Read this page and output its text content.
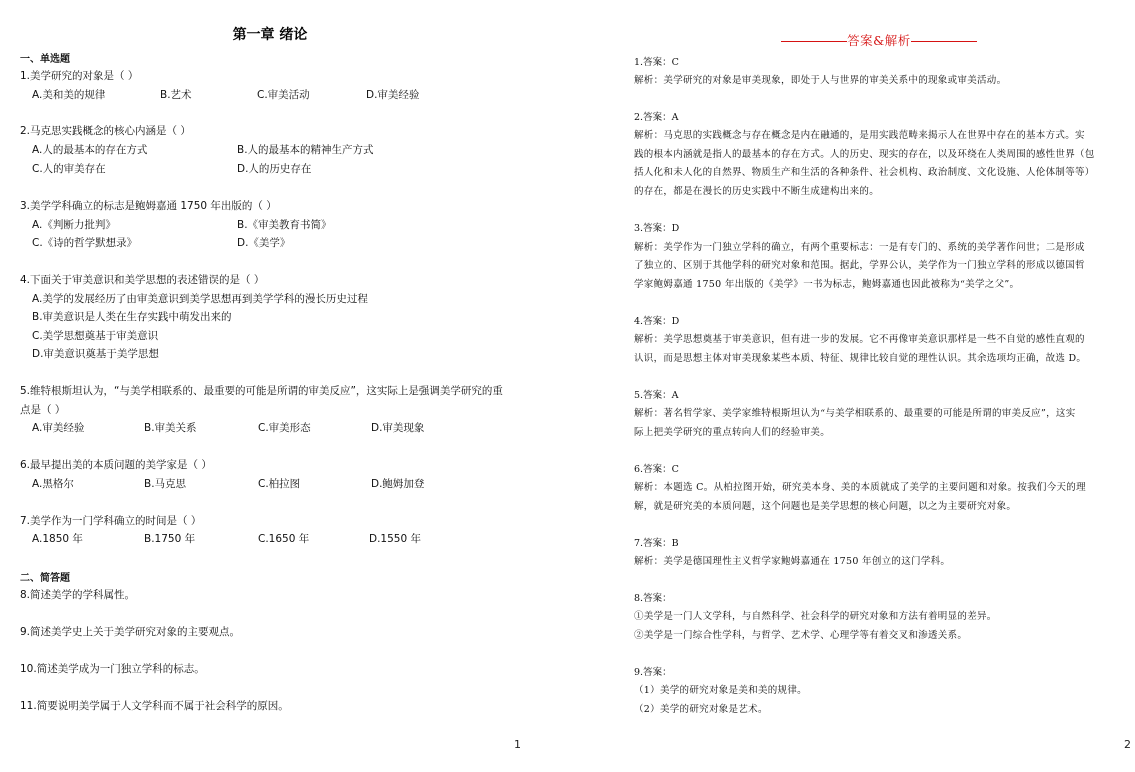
第一章 绪论
一、单选题
1.美学研究的对象是（ ）
A.美和美的规律	B.艺术	C.审美活动	D.审美经验
2.马克思实践概念的核心内涵是（ ）
A.人的最基本的存在方式	B.人的最基本的精神生产方式
C.人的审美存在	D.人的历史存在
3.美学学科确立的标志是鲍姆嘉通 1750 年出版的（ ）
A.《判断力批判》	B.《审美教育书简》
C.《诗的哲学默想录》	D.《美学》
4.下面关于审美意识和美学思想的表述错误的是（ ）
A.美学的发展经历了由审美意识到美学思想再到美学学科的漫长历史过程
B.审美意识是人类在生存实践中萌发出来的
C.美学思想奠基于审美意识
D.审美意识奠基于美学思想
5.维特根斯坦认为，“与美学相联系的、最重要的可能是所谓的审美反应”，这实际上是强调美学研究的重
点是（ ）
A.审美经验	B.审美关系	C.审美形态	D.审美现象
6.最早提出美的本质问题的美学家是（ ）
A.黑格尔	B.马克思	C.柏拉图	D.鲍姆加登
7.美学作为一门学科确立的时间是（ ）
A.1850 年	B.1750 年	C.1650 年	D.1550 年
二、简答题
8.简述美学的学科属性。
9.简述美学史上关于美学研究对象的主要观点。
10.简述美学成为一门独立学科的标志。
11.简要说明美学属于人文学科而不属于社会科学的原因。
1
答案&解析
1.答案：C
解析：美学研究的对象是审美现象，即处于人与世界的审美关系中的现象或审美活动。
2.答案：A
解析：马克思的实践概念与存在概念是内在融通的，是用实践范畴来揭示人在世界中存在的基本方式。实
践的根本内涵就是指人的最基本的存在方式。人的历史、现实的存在，以及环绕在人类周围的感性世界（包
括人化和未人化的自然界、物质生产和生活的各种条件、社会机构、政治制度、文化设施、人伦体制等等）
的存在，都是在漫长的历史实践中不断生成建构出来的。
3.答案：D
解析：美学作为一门独立学科的确立，有两个重要标志：一是有专门的、系统的美学著作问世；二是形成
了独立的、区别于其他学科的研究对象和范围。据此，学界公认，美学作为一门独立学科的形成以德国哲
学家鲍姆嘉通 1750 年出版的《美学》一书为标志，鲍姆嘉通也因此被称为“美学之父”。
4.答案：D
解析：美学思想奠基于审美意识，但有进一步的发展。它不再像审美意识那样是一些不自觉的感性直观的
认识，而是思想主体对审美现象某些本质、特征、规律比较自觉的理性认识。其余选项均正确，故选 D。
5.答案：A
解析：著名哲学家、美学家维特根斯坦认为“与美学相联系的、最重要的可能是所谓的审美反应”，这实
际上把美学研究的重点转向人们的经验审美。
6.答案：C
解析：本题选 C。从柏拉图开始，研究美本身、美的本质就成了美学的主要问题和对象。按我们今天的理
解，就是研究美的本质问题，这个问题也是美学思想的核心问题，以之为主要研究对象。
7.答案：B
解析：美学是德国理性主义哲学家鲍姆嘉通在 1750 年创立的这门学科。
8.答案：
①美学是一门人文学科，与自然科学、社会科学的研究对象和方法有着明显的差异。
②美学是一门综合性学科，与哲学、艺术学、心理学等有着交叉和渗透关系。
9.答案：
（1）美学的研究对象是美和美的规律。
（2）美学的研究对象是艺术。
2
